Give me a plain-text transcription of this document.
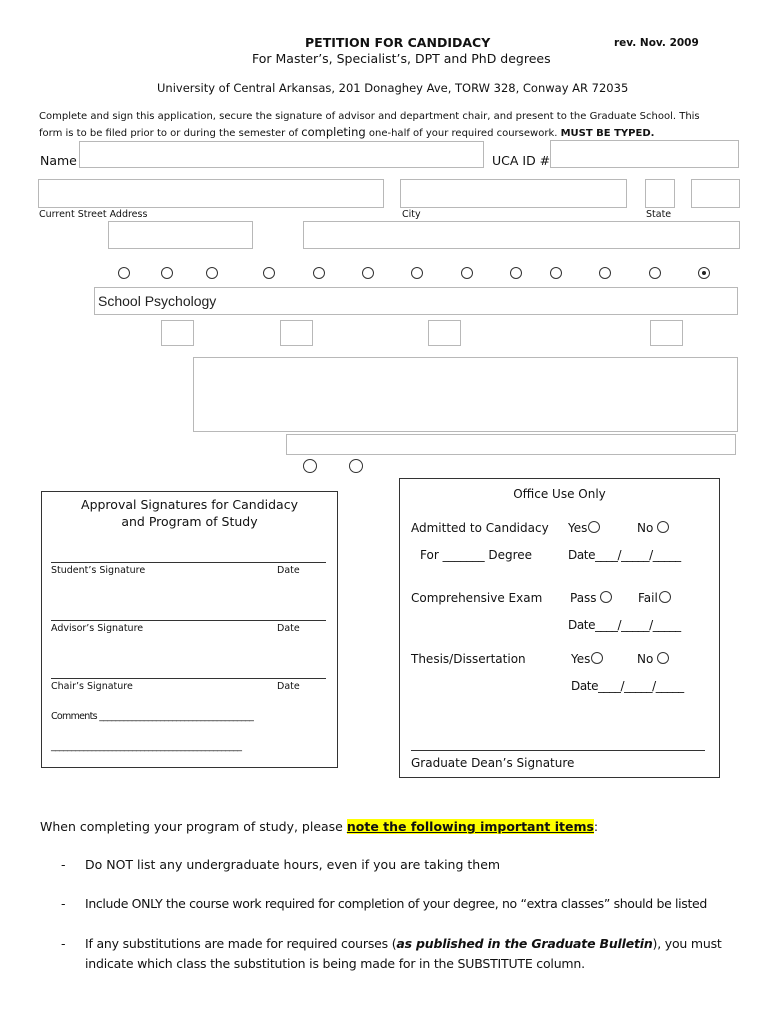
PETITION FOR CANDIDACY	rev. Nov. 2009
For Master’s, Specialist’s, DPT and PhD degrees
University of Central Arkansas, 201 Donaghey Ave, TORW 328, Conway AR 72035
Complete and sign this application, secure the signature of advisor and department chair, and present to the Graduate School. This
form is to be filed prior to or during the semester of completing one-half of your required coursework. MUST BE TYPED.
Name	UCA ID #
Current Street Address	City	State
School Psychology
Approval Signatures for Candidacy
and Program of Study
Student’s Signature	Date
Advisor’s Signature	Date
Chair’s Signature	Date
Comments ______________________________________
_______________________________________________
Office Use Only
Admitted to Candidacy Yes	No
For _______ Degree	Date____/_____/_____
Comprehensive Exam Pass	Fail
Date____/_____/_____
Thesis/Dissertation	Yes	No
Date____/_____/_____
Graduate Dean’s Signature
When completing your program of study, please note the following important items:
- Do NOT list any undergraduate hours, even if you are taking them
- Include ONLY the course work required for completion of your degree, no “extra classes” should be listed
- If any substitutions are made for required courses (as published in the Graduate Bulletin), you must
indicate which class the substitution is being made for in the SUBSTITUTE column.
